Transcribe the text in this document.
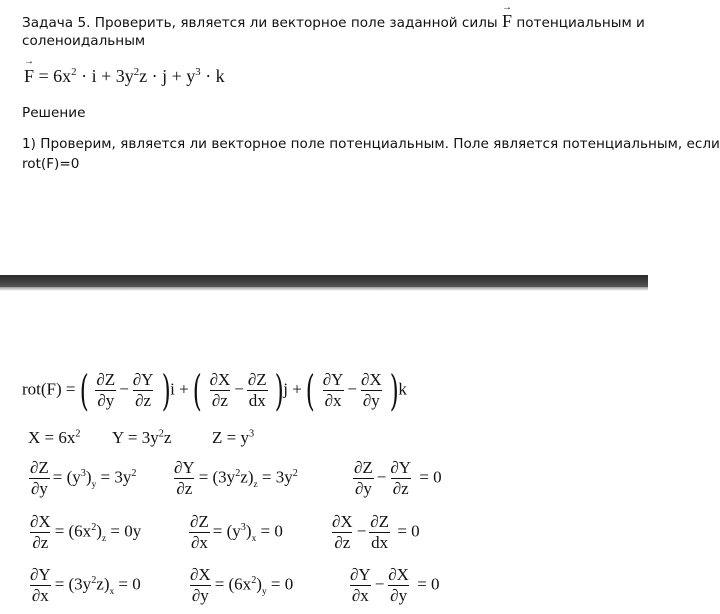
Задача 5. Проверить, является ли векторное поле заданной силы → F потенциальным и
соленоидальным
→ $F = 6x^2 \cdot i + 3y^2z \cdot j + y^3 \cdot k$
Решение
1) Проверим, является ли векторное поле потенциальным. Поле является потенциальным, если
rot(F)=0
rot(F) = ( $\frac{\partial Z}{\partial y} - \frac{\partial Y}{\partial z} )i$ + ( $\frac{\partial X}{\partial z} - \frac{\partial Z}{dx} )j$ + ( $\frac{\partial Y}{\partial x} - \frac{\partial X}{\partial y} )k$
$X = 6x^2$ $Y = 3y^2z$ $Z = y^3$
$\frac{\partial Z}{\partial y} = (y^3)_y = 3y^2 \frac{\partial Y}{\partial z} = (3y^2z)_z = 3y^2$	$\frac{\partial Z}{\partial y} - \frac{\partial Y}{\partial z} = 0$
$\frac{\partial X}{\partial z} = (6x^2)_z = 0y$	$\frac{\partial Z}{\partial x} = (y^3)_x = 0$	$\frac{\partial X}{\partial z} - \frac{\partial Z}{dx} = 0$
$\frac{\partial Y}{\partial x} = (3y^2z)_x = 0$	$\frac{\partial X}{\partial y} = (6x^2)_y = 0$	$\frac{\partial Y}{\partial x} - \frac{\partial X}{\partial y} = 0$
